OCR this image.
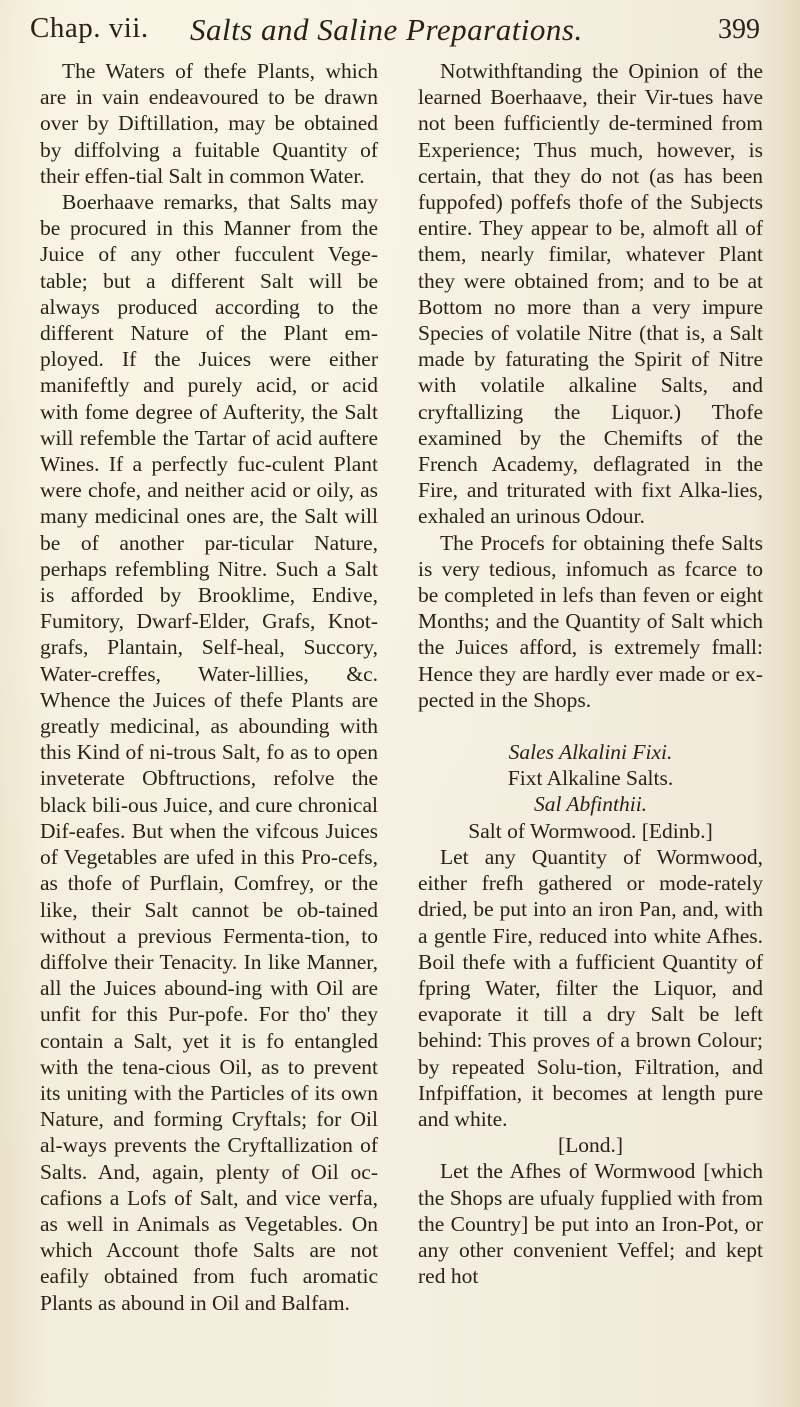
Chap. vii. Salts and Saline Preparations.	399

The Waters of thefe Plants, which are in vain endeavoured to be drawn over by Diftillation, may be obtained by diffolving a fuitable Quantity of their effen-tial Salt in common Water.

Boerhaave remarks, that Salts may be procured in this Manner from the Juice of any other fucculent Vege-table; but a different Salt will be always produced according to the different Nature of the Plant em-ployed. If the Juices were either manifeftly and purely acid, or acid with fome degree of Aufterity, the Salt will refemble the Tartar of acid auftere Wines. If a perfectly fuc-culent Plant were chofe, and neither acid or oily, as many medicinal ones are, the Salt will be of another par-ticular Nature, perhaps refembling Nitre. Such a Salt is afforded by Brooklime, Endive, Fumitory, Dwarf-Elder, Grafs, Knot-grafs, Plantain, Self-heal, Succory, Water-creffes, Water-lillies, &c. Whence the Juices of thefe Plants are greatly medicinal, as abounding with this Kind of ni-trous Salt, fo as to open inveterate Obftructions, refolve the black bili-ous Juice, and cure chronical Dif-eafes. But when the vifcous Juices of Vegetables are ufed in this Pro-cefs, as thofe of Purflain, Comfrey, or the like, their Salt cannot be ob-tained without a previous Fermenta-tion, to diffolve their Tenacity. In like Manner, all the Juices abound-ing with Oil are unfit for this Pur-pofe. For tho' they contain a Salt, yet it is fo entangled with the tena-cious Oil, as to prevent its uniting with the Particles of its own Nature, and forming Cryftals; for Oil al-ways prevents the Cryftallization of Salts. And, again, plenty of Oil oc-cafions a Lofs of Salt, and vice verfa, as well in Animals as Vegetables. On which Account thofe Salts are not eafily obtained from fuch aromatic Plants as abound in Oil and Balfam.

Notwithftanding the Opinion of the learned Boerhaave, their Vir-tues have not been fufficiently de-termined from Experience; Thus much, however, is certain, that they do not (as has been fuppofed) poffefs thofe of the Subjects entire. They appear to be, almoft all of them, nearly fimilar, whatever Plant they were obtained from; and to be at Bottom no more than a very impure Species of volatile Nitre (that is, a Salt made by faturating the Spirit of Nitre with volatile alkaline Salts, and cryftallizing the Liquor.) Thofe examined by the Chemifts of the French Academy, deflagrated in the Fire, and triturated with fixt Alka-lies, exhaled an urinous Odour.

The Procefs for obtaining thefe Salts is very tedious, infomuch as fcarce to be completed in lefs than feven or eight Months; and the Quantity of Salt which the Juices afford, is extremely fmall: Hence they are hardly ever made or ex-pected in the Shops.

Sales Alkalini Fixi.

Fixt Alkaline Salts.

Sal Abfinthii.

Salt of Wormwood. [Edinb.]

Let any Quantity of Wormwood, either frefh gathered or mode-rately dried, be put into an iron Pan, and, with a gentle Fire, reduced into white Afhes. Boil thefe with a fufficient Quantity of fpring Water, filter the Liquor, and evaporate it till a dry Salt be left behind: This proves of a brown Colour; by repeated Solu-tion, Filtration, and Infpiffation, it becomes at length pure and white.

[Lond.]

Let the Afhes of Wormwood [which the Shops are ufualy fupplied with from the Country] be put into an Iron-Pot, or any other convenient Veffel; and kept red hot
